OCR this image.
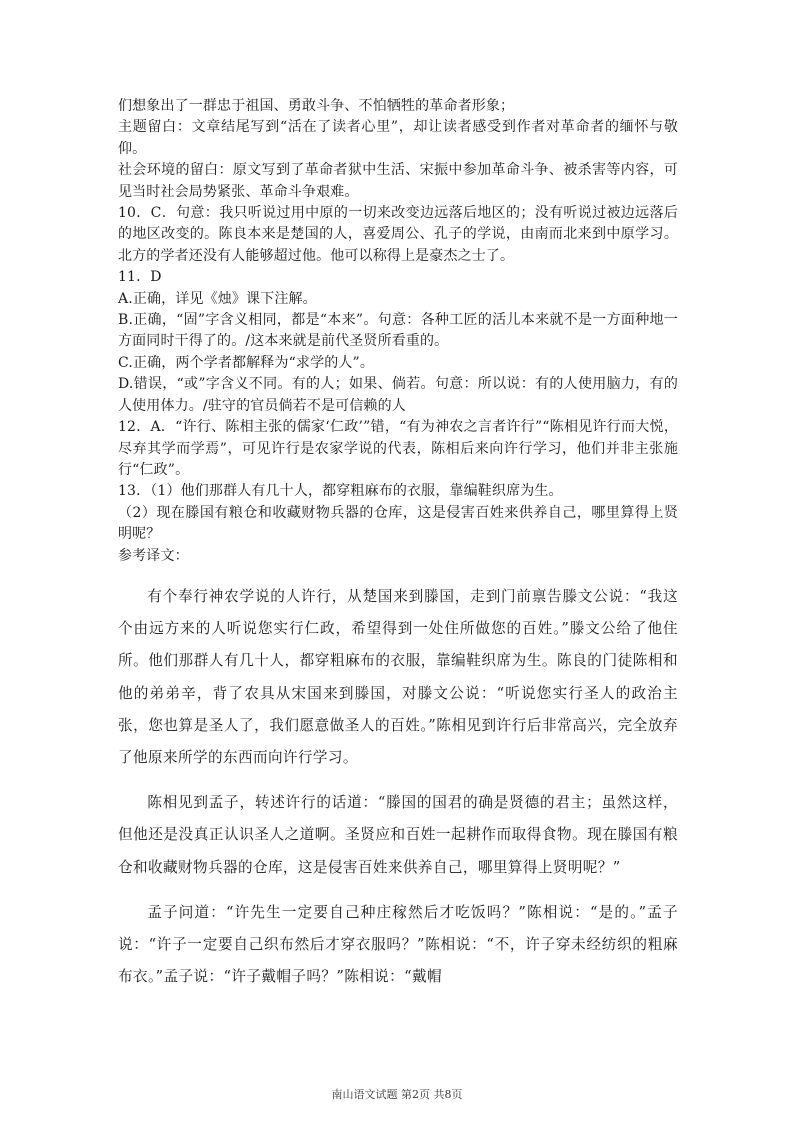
们想象出了一群忠于祖国、勇敢斗争、不怕牺牲的革命者形象；

主题留白：文章结尾写到“活在了读者心里”，却让读者感受到作者对革命者的缅怀与敬仰。

社会环境的留白：原文写到了革命者狱中生活、宋振中参加革命斗争、被杀害等内容，可见当时社会局势紧张、革命斗争艰难。

10．C．句意：我只听说过用中原的一切来改变边远落后地区的；没有听说过被边远落后的地区改变的。陈良本来是楚国的人，喜爱周公、孔子的学说，由南而北来到中原学习。北方的学者还没有人能够超过他。他可以称得上是豪杰之士了。

11．D

A.正确，详见《烛》课下注解。

B.正确，“固”字含义相同，都是“本来”。句意：各种工匠的活儿本来就不是一方面种地一方面同时干得了的。/这本来就是前代圣贤所看重的。

C.正确，两个学者都解释为“求学的人”。

D.错误，“或”字含义不同。有的人；如果、倘若。句意：所以说：有的人使用脑力，有的人使用体力。/驻守的官员倘若不是可信赖的人

12．A．“许行、陈相主张的儒家‘仁政’”错，“有为神农之言者许行”“陈相见许行而大悦，尽弃其学而学焉”，可见许行是农家学说的代表，陈相后来向许行学习，他们并非主张施行“仁政”。

13．（1）他们那群人有几十人，都穿粗麻布的衣服，靠编鞋织席为生。

（2）现在滕国有粮仓和收藏财物兵器的仓库，这是侵害百姓来供养自己，哪里算得上贤明呢？

参考译文：

有个奉行神农学说的人许行，从楚国来到滕国，走到门前禀告滕文公说：“我这个由远方来的人听说您实行仁政，希望得到一处住所做您的百姓。”滕文公给了他住所。他们那群人有几十人，都穿粗麻布的衣服，靠编鞋织席为生。陈良的门徒陈相和他的弟弟辛，背了农具从宋国来到滕国，对滕文公说：“听说您实行圣人的政治主张，您也算是圣人了，我们愿意做圣人的百姓。”陈相见到许行后非常高兴，完全放弃了他原来所学的东西而向许行学习。

陈相见到孟子，转述许行的话道：“滕国的国君的确是贤德的君主；虽然这样，但他还是没真正认识圣人之道啊。圣贤应和百姓一起耕作而取得食物。现在滕国有粮仓和收藏财物兵器的仓库，这是侵害百姓来供养自己，哪里算得上贤明呢？”

孟子问道：“许先生一定要自己种庄稼然后才吃饭吗？”陈相说：“是的。”孟子说：“许子一定要自己织布然后才穿衣服吗？”陈相说：“不，许子穿未经纺织的粗麻布衣。”孟子说：“许子戴帽子吗？”陈相说：“戴帽

南山语文试题 第2页 共8页
